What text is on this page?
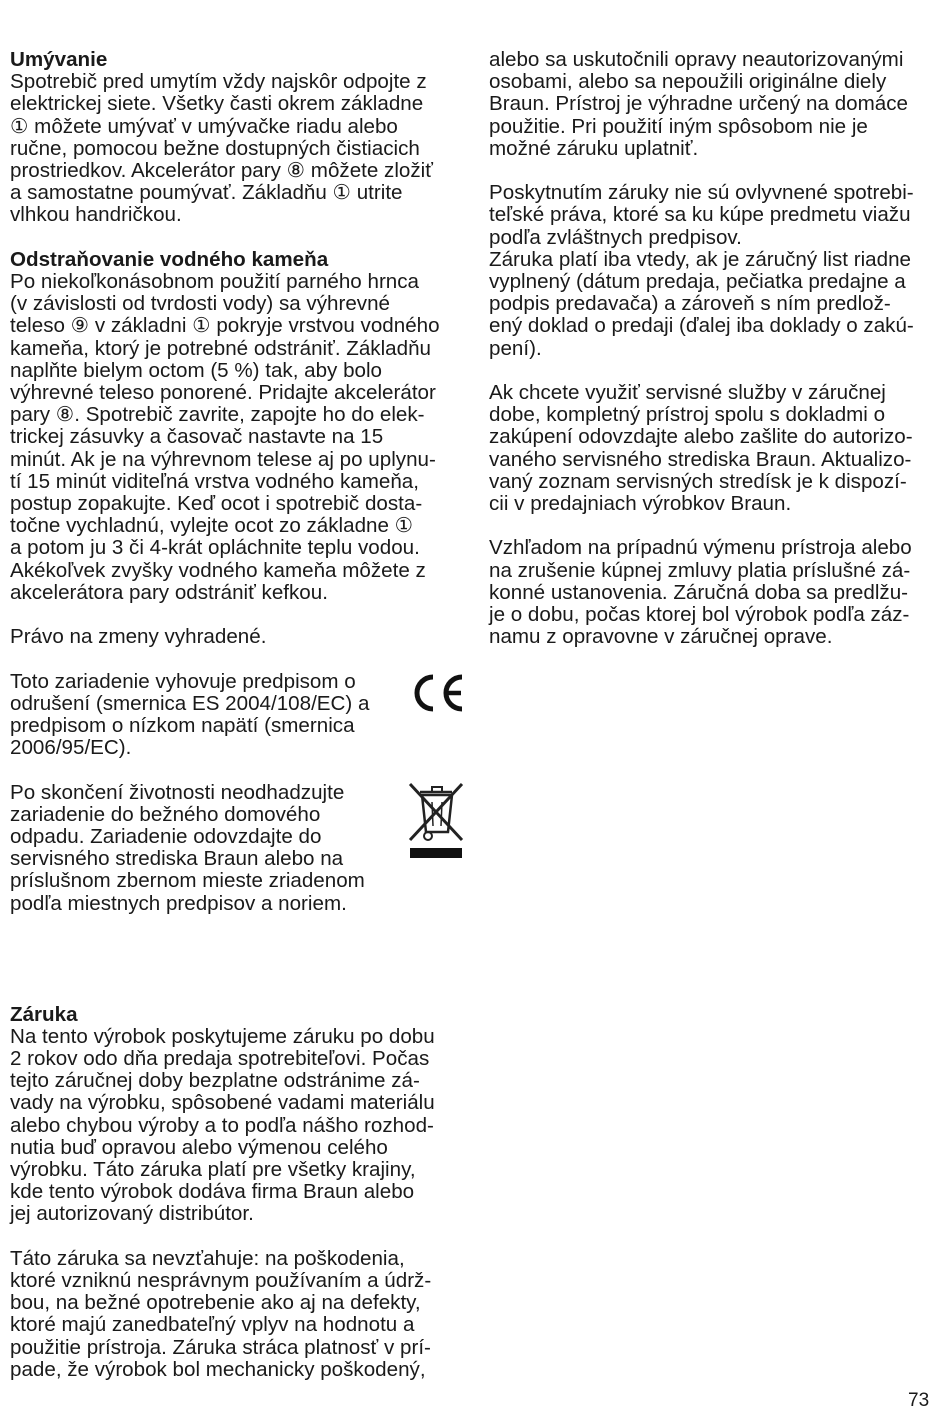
Umývanie
Spotrebič pred umytím vždy najskôr odpojte z
elektrickej siete. Všetky časti okrem základne
① môžete umývať v umývačke riadu alebo
ručne, pomocou bežne dostupných čistiacich
prostriedkov. Akcelerátor pary ⑧ môžete zložiť
a samostatne poumývať. Základňu ① utrite
vlhkou handričkou.
Odstraňovanie vodného kameňa
Po niekoľkonásobnom použití parného hrnca
(v závislosti od tvrdosti vody) sa výhrevné
teleso ⑨ v základni ① pokryje vrstvou vodného
kameňa, ktorý je potrebné odstrániť. Základňu
naplňte bielym octom (5 %) tak, aby bolo
výhrevné teleso ponorené. Pridajte akcelerátor
pary ⑧. Spotrebič zavrite, zapojte ho do elek-
trickej zásuvky a časovač nastavte na 15
minút. Ak je na výhrevnom telese aj po uplynu-
tí 15 minút viditeľná vrstva vodného kameňa,
postup zopakujte. Keď ocot i spotrebič dosta-
točne vychladnú, vylejte ocot zo základne ①
a potom ju 3 či 4-krát opláchnite teplu vodou.
Akékoľvek zvyšky vodného kameňa môžete z
akcelerátora pary odstrániť kefkou.
Právo na zmeny vyhradené.
Toto zariadenie vyhovuje predpisom o
odrušení (smernica ES 2004/108/EC) a
predpisom o nízkom napätí (smernica
2006/95/EC).
Po skončení životnosti neodhadzujte
zariadenie do bežného domového
odpadu. Zariadenie odovzdajte do
servisného strediska Braun alebo na
príslušnom zbernom mieste zriadenom
podľa miestnych predpisov a noriem.
Záruka
Na tento výrobok poskytujeme záruku po dobu
2 rokov odo dňa predaja spotrebiteľovi. Počas
tejto záručnej doby bezplatne odstránime zá-
vady na výrobku, spôsobené vadami materiálu
alebo chybou výroby a to podľa nášho rozhod-
nutia buď opravou alebo výmenou celého
výrobku. Táto záruka platí pre všetky krajiny,
kde tento výrobok dodáva firma Braun alebo
jej autorizovaný distribútor.
Táto záruka sa nevzťahuje: na poškodenia,
ktoré vzniknú nesprávnym používaním a údrž-
bou, na bežné opotrebenie ako aj na defekty,
ktoré majú zanedbateľný vplyv na hodnotu a
použitie prístroja. Záruka stráca platnosť v prí-
pade, že výrobok bol mechanicky poškodený,
alebo sa uskutočnili opravy neautorizovanými
osobami, alebo sa nepoužili originálne diely
Braun. Prístroj je výhradne určený na domáce
použitie. Pri použití iným spôsobom nie je
možné záruku uplatniť.
Poskytnutím záruky nie sú ovlyvnené spotrebi-
teľské práva, ktoré sa ku kúpe predmetu viažu
podľa zvláštnych predpisov.
Záruka platí iba vtedy, ak je záručný list riadne
vyplnený (dátum predaja, pečiatka predajne a
podpis predavača) a zároveň s ním predlož-
ený doklad o predaji (ďalej iba doklady o zakú-
pení).
Ak chcete využiť servisné služby v záručnej
dobe, kompletný prístroj spolu s dokladmi o
zakúpení odovzdajte alebo zašlite do autorizo-
vaného servisného strediska Braun. Aktualizo-
vaný zoznam servisných stredísk je k dispozí-
cii v predajniach výrobkov Braun.
Vzhľadom na prípadnú výmenu prístroja alebo
na zrušenie kúpnej zmluvy platia príslušné zá-
konné ustanovenia. Záručná doba sa predlžu-
je o dobu, počas ktorej bol výrobok podľa záz-
namu z opravovne v záručnej oprave.
73
